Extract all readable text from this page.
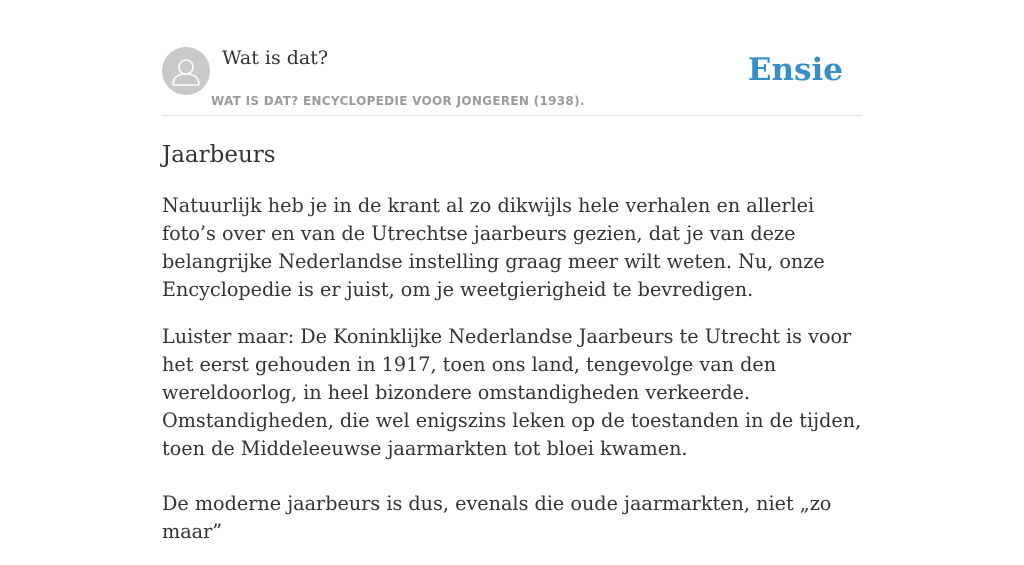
Wat is dat?
WAT IS DAT? ENCYCLOPEDIE VOOR JONGEREN (1938).
Ensie
Jaarbeurs

Natuurlijk heb je in de krant al zo dikwijls hele verhalen en allerlei foto’s over en van de Utrechtse jaarbeurs gezien, dat je van deze belangrijke Nederlandse instelling graag meer wilt weten. Nu, onze Encyclopedie is er juist, om je weetgierigheid te bevredigen.

Luister maar: De Koninklijke Nederlandse Jaarbeurs te Utrecht is voor het eerst gehouden in 1917, toen ons land, tengevolge van den wereldoorlog, in heel bizondere omstandigheden verkeerde. Omstandigheden, die wel enigszins leken op de toestanden in de tijden, toen de Middeleeuwse jaarmarkten tot bloei kwamen.

De moderne jaarbeurs is dus, evenals die oude jaarmarkten, niet „zo maar”
